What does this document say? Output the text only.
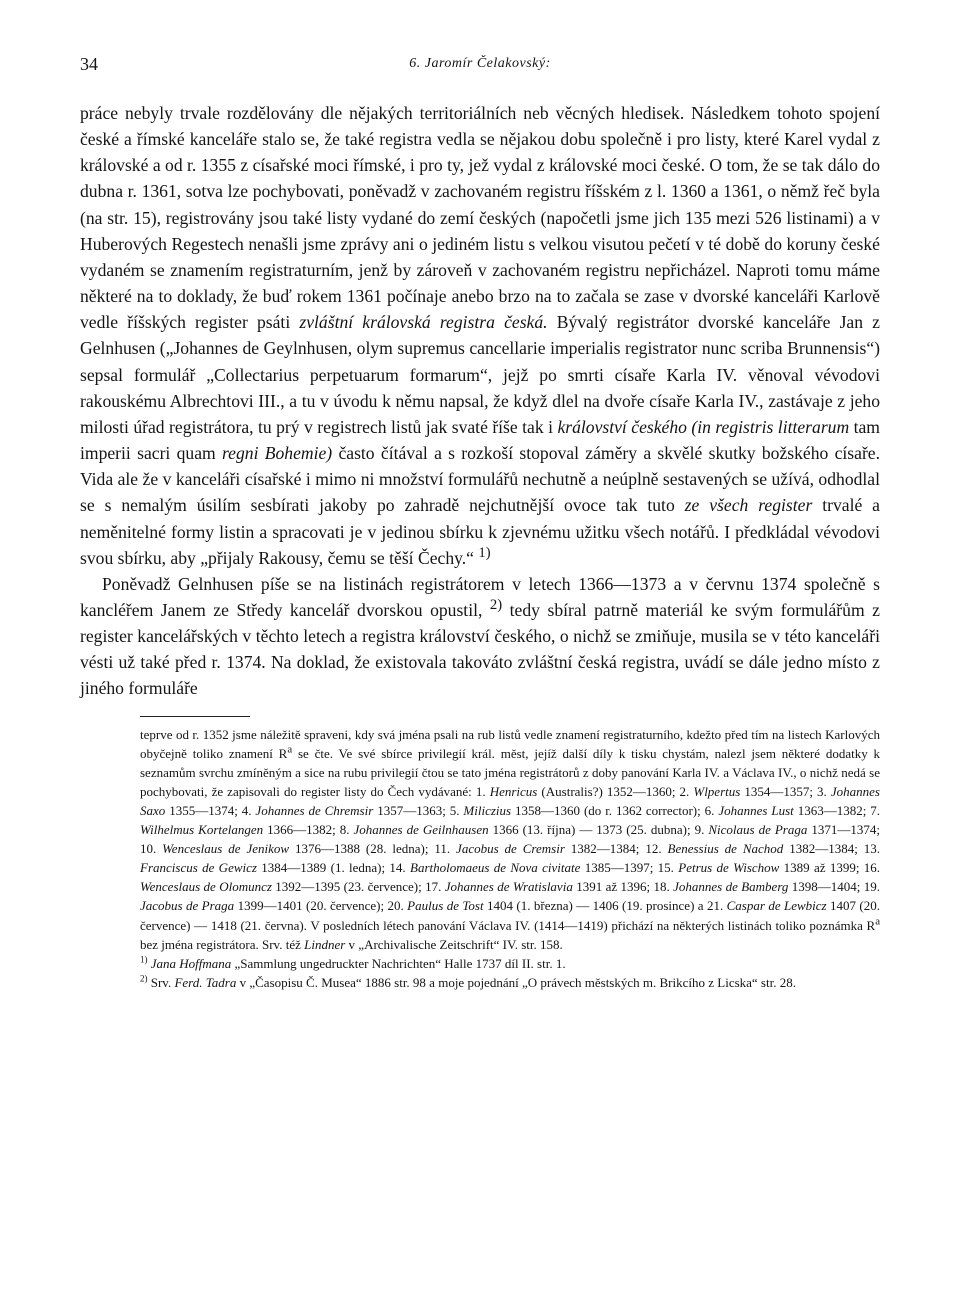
34	6. Jaromír Čelakovský:

práce nebyly trvale rozdělovány dle nějakých territoriálních neb věcných hledisek. Následkem tohoto spojení české a římské kanceláře stalo se, že také registra vedla se nějakou dobu společně i pro listy, které Karel vydal z královské a od r. 1355 z císařské moci římské, i pro ty, jež vydal z královské moci české. O tom, že se tak dálo do dubna r. 1361, sotva lze pochybovati, poněvadž v zachovaném registru říšském z l. 1360 a 1361, o němž řeč byla (na str. 15), registrovány jsou také listy vydané do zemí českých (napočetli jsme jich 135 mezi 526 listinami) a v Huberových Regestech nenašli jsme zprávy ani o jediném listu s velkou visutou pečetí v té době do koruny české vydaném se znamením registraturním, jenž by zároveň v zachovaném registru nepřicházel. Naproti tomu máme některé na to doklady, že buď rokem 1361 počínaje anebo brzo na to začala se zase v dvorské kanceláři Karlově vedle říšských register psáti zvláštní královská registra česká. Bývalý registrátor dvorské kanceláře Jan z Gelnhusen („Johannes de Geylnhusen, olym supremus cancellarie imperialis registrator nunc scriba Brunnensis“) sepsal formulář „Collectarius perpetuarum formarum“, jejž po smrti císaře Karla IV. věnoval vévodovi rakouskému Albrechtovi III., a tu v úvodu k němu napsal, že když dlel na dvoře císaře Karla IV., zastávaje z jeho milosti úřad registrátora, tu prý v registrech listů jak svaté říše tak i království českého (in registris litterarum tam imperii sacri quam regni Bohemie) často čítával a s rozkoší stopoval záměry a skvělé skutky božského císaře. Vida ale že v kanceláři císařské i mimo ni množství formulářů nechutně a neúplně sestavených se užívá, odhodlal se s nemalým úsilím sesbírati jakoby po zahradě nejchutnější ovoce tak tuto ze všech register trvalé a neměnitelné formy listin a spracovati je v jedinou sbírku k zjevnému užitku všech notářů. I předkládal vévodovi svou sbírku, aby „přijaly Rakousy, čemu se těší Čechy.“ $^{1)}$

Poněvadž Gelnhusen píše se na listinách registrátorem v letech 1366—1373 a v červnu 1374 společně s kancléřem Janem ze Středy kancelář dvorskou opustil, $^{2)}$ tedy sbíral patrně materiál ke svým formulářům z register kancelářských v těchto letech a registra království českého, o nichž se zmiňuje, musila se v této kanceláři vésti už také před r. 1374. Na doklad, že existovala takováto zvláštní česká registra, uvádí se dále jedno místo z jiného formuláře

teprve od r. 1352 jsme náležitě spraveni, kdy svá jména psali na rub listů vedle znamení registraturního, kdežto před tím na listech Karlových obyčejně toliko znamení $R^a$ se čte. Ve své sbírce privilegií král. měst, jejíž další díly k tisku chystám, nalezl jsem některé dodatky k seznamům svrchu zmíněným a sice na rubu privilegií čtou se tato jména registrátorů z doby panování Karla IV. a Václava IV., o nichž nedá se pochybovati, že zapisovali do register listy do Čech vydávané: 1. Henricus (Australis?) 1352—1360; 2. Wlpertus 1354—1357; 3. Johannes Saxo 1355—1374; 4. Johannes de Chremsir 1357—1363; 5. Miliczius 1358—1360 (do r. 1362 corrector); 6. Johannes Lust 1363—1382; 7. Wilhelmus Kortelangen 1366—1382; 8. Johannes de Geilnhausen 1366 (13. října) — 1373 (25. dubna); 9. Nicolaus de Praga 1371—1374; 10. Wenceslaus de Jenikow 1376—1388 (28. ledna); 11. Jacobus de Cremsir 1382—1384; 12. Benessius de Nachod 1382—1384; 13. Franciscus de Gewicz 1384—1389 (1. ledna); 14. Bartholomaeus de Nova civitate 1385—1397; 15. Petrus de Wischow 1389 až 1399; 16. Wenceslaus de Olomuncz 1392—1395 (23. července); 17. Johannes de Wratislavia 1391 až 1396; 18. Johannes de Bamberg 1398—1404; 19. Jacobus de Praga 1399—1401 (20. července); 20. Paulus de Tost 1404 (1. března) — 1406 (19. prosince) a 21. Caspar de Lewbicz 1407 (20. července) — 1418 (21. června). V posledních létech panování Václava IV. (1414—1419) přichází na některých listinách toliko poznámka $R^a$ bez jména registrátora. Srv. též Lindner v „Archivalische Zeitschrift“ IV. str. 158.

$^{1)}$ Jana Hoffmana „Sammlung ungedruckter Nachrichten“ Halle 1737 díl II. str. 1.

$^{2)}$ Srv. Ferd. Tadra v „Časopisu Č. Musea“ 1886 str. 98 a moje pojednání „O právech městských m. Brikcího z Licska“ str. 28.
